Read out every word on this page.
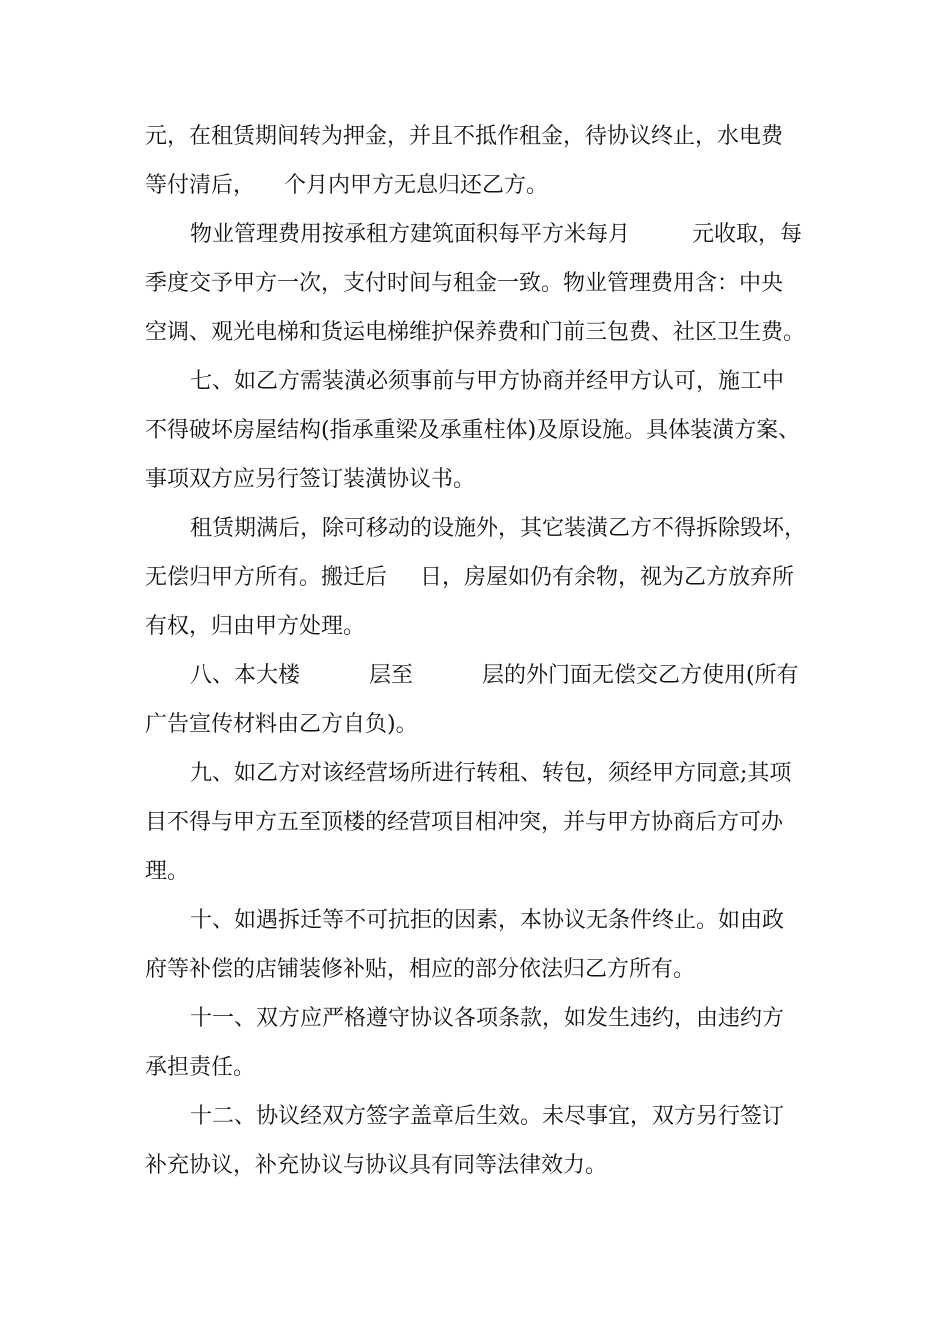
元，在租赁期间转为押金，并且不抵作租金，待协议终止，水电费

等付清后，

个月内甲方无息归还乙方。

物业管理费用按承租方建筑面积每平方米每月

	元收取，每

季度交予甲方一次，支付时间与租金一致。物业管理费用含：中央

空调、观光电梯和货运电梯维护保养费和门前三包费、社区卫生费。

七、如乙方需装潢必须事前与甲方协商并经甲方认可，施工中

不得破坏房屋结构(指承重梁及承重柱体)及原设施。具体装潢方案、

事项双方应另行签订装潢协议书。

租赁期满后，除可移动的设施外，其它装潢乙方不得拆除毁坏，

无偿归甲方所有。搬迁后

日，房屋如仍有余物，视为乙方放弃所

有权，归由甲方处理。

八、本大楼

	层至

	层的外门面无偿交乙方使用(所有

广告宣传材料由乙方自负)。

九、如乙方对该经营场所进行转租、转包，须经甲方同意;其项

目不得与甲方五至顶楼的经营项目相冲突，并与甲方协商后方可办

理。

十、如遇拆迁等不可抗拒的因素，本协议无条件终止。如由政

府等补偿的店铺装修补贴，相应的部分依法归乙方所有。

十一、双方应严格遵守协议各项条款，如发生违约，由违约方

承担责任。

十二、协议经双方签字盖章后生效。未尽事宜，双方另行签订

补充协议，补充协议与协议具有同等法律效力。
